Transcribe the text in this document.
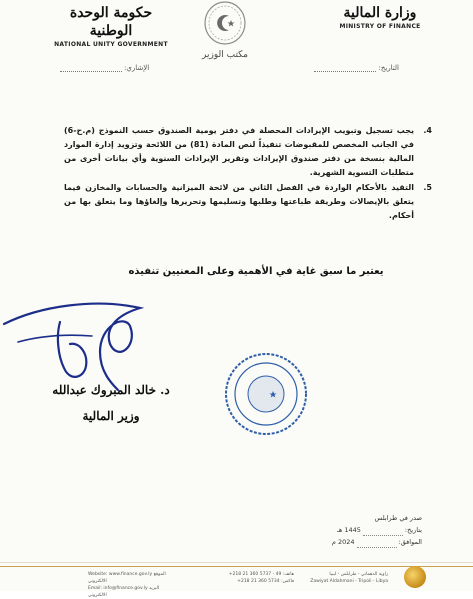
حكومة الوحدة الوطنية
NATIONAL UNITY GOVERNMENT
مكتب الوزير
وزارة المالية
MINISTRY OF FINANCE
التاريخ:
الإشاري:
4.
يجب تسجيل وتبويب الإيرادات المحصلة في دفتر يومية الصندوق حسب النموذج (م.ح-6) في الجانب المخصص للمقبوضات تنفيذاً لنص المادة (81) من اللائحة وتزويد إدارة الموارد المالية بنسخة من دفتر صندوق الإيرادات وتقرير الإيرادات السنوية وأي بيانات أخرى من متطلبات التسوية الشهرية.
5.
التقيد بالأحكام الواردة في الفصل الثاني من لائحة الميزانية والحسابات والمخازن فيما يتعلق بالإيصالات وطريقة طباعتها وطلبها وتسليمها وتحريرها وإلغاؤها وما يتعلق بها من أحكام.
يعتبر ما سبق غاية في الأهمية وعلى المعنيين تنفيذه
د. خالد المبروك عبدالله
وزير المالية
صدر في طرابلس
بتاريخ:1445 هـ
الموافق:2024 م
Website: www.finance.gov.ly الموقع الالكتروني
Email: info@finance.gov.ly البريد الالكتروني
هاتف: 49 - 5737 360 21 218+
فاكس: 5734 360 21 218+
زاوية الدهماني - طرابلس - ليبيا
Zawiyat Aldahmani - Tripoli - Libya
